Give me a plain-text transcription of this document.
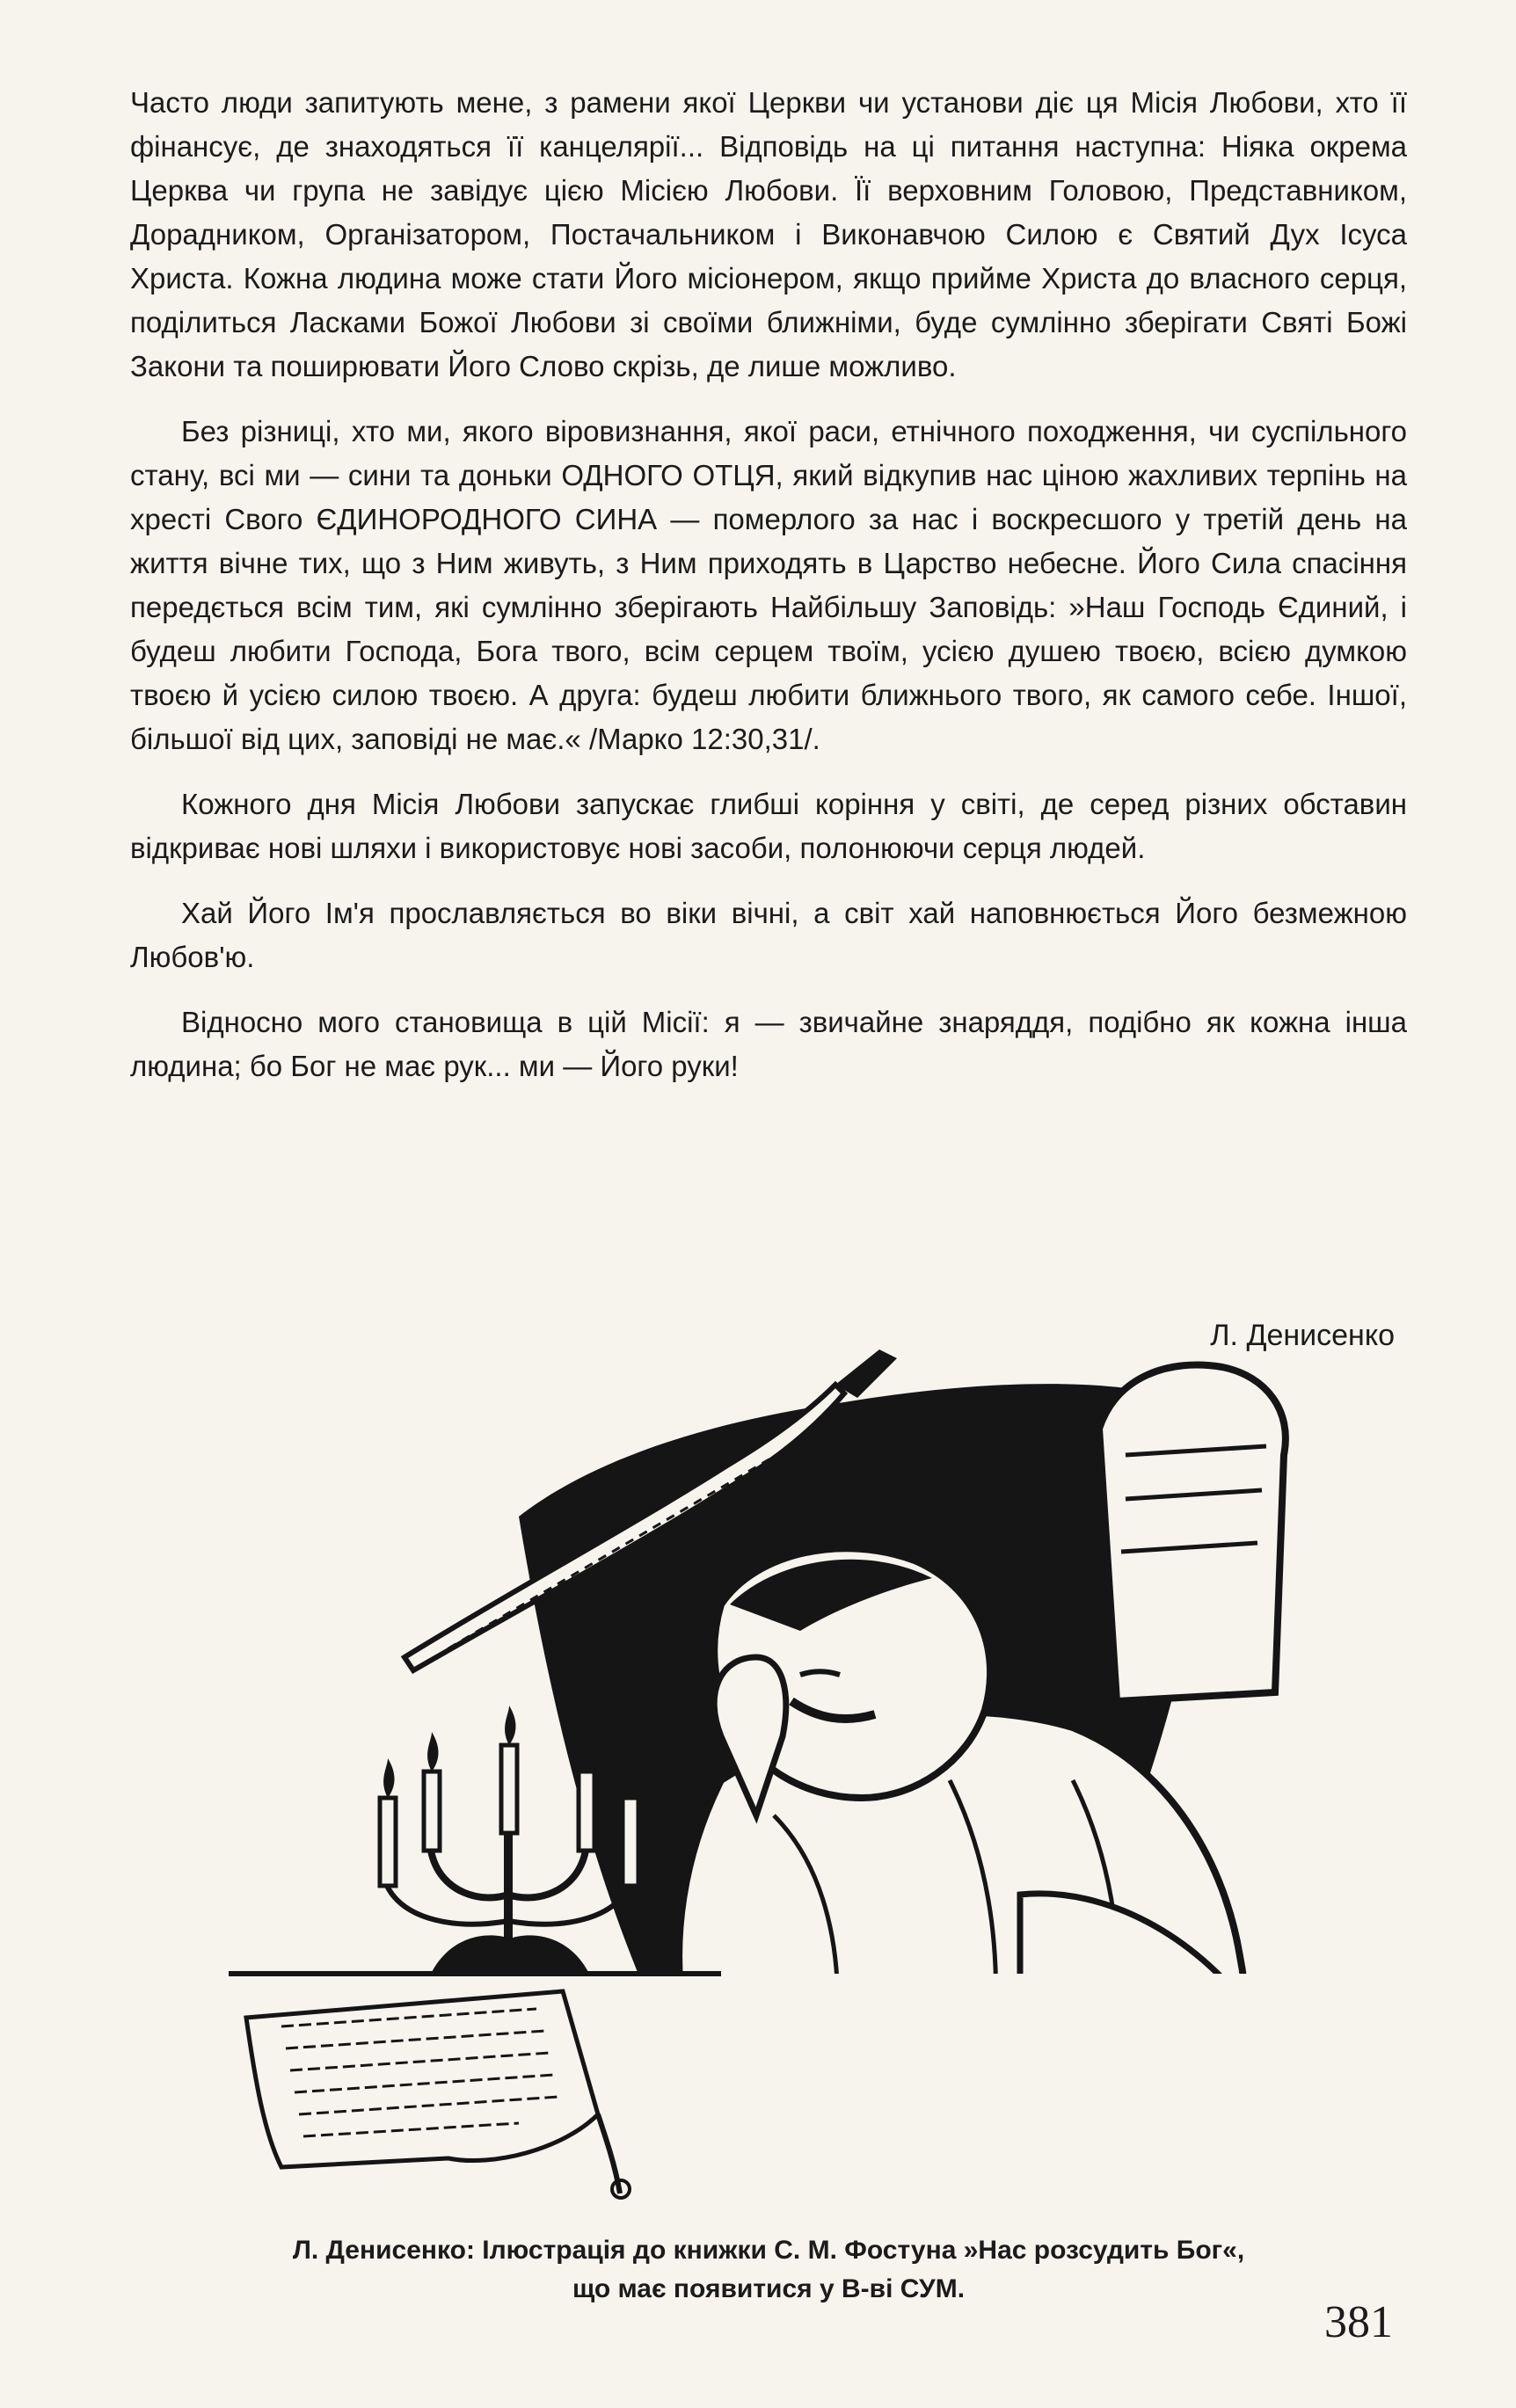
Часто люди запитують мене, з рамени якої Церкви чи установи діє ця Місія Любови, хто її фінансує, де знаходяться її канцелярії... Відповідь на ці питання наступна: Ніяка окрема Церква чи група не завідує цією Місією Любови. Її верховним Головою, Представником, Дорадником, Організатором, Постачальником і Виконавчою Силою є Святий Дух Ісуса Христа. Кожна людина може стати Його місіонером, якщо прийме Христа до власного серця, поділиться Ласками Божої Любови зі своїми ближніми, буде сумлінно зберігати Святі Божі Закони та поширювати Його Слово скрізь, де лише можливо.

Без різниці, хто ми, якого віровизнання, якої раси, етнічного походження, чи суспільного стану, всі ми — сини та доньки ОДНОГО ОТЦЯ, який відкупив нас ціною жахливих терпінь на хресті Свого ЄДИНОРОДНОГО СИНА — померлого за нас і воскресшого у третій день на життя вічне тих, що з Ним живуть, з Ним приходять в Царство небесне. Його Сила спасіння передється всім тим, які сумлінно зберігають Найбільшу Заповідь: »Наш Господь Єдиний, і будеш любити Господа, Бога твого, всім серцем твоїм, усією душею твоєю, всією думкою твоєю й усією силою твоєю. А друга: будеш любити ближнього твого, як самого себе. Іншої, більшої від цих, заповіді не має.« /Марко 12:30,31/.

Кожного дня Місія Любови запускає глибші коріння у світі, де серед різних обставин відкриває нові шляхи і використовує нові засоби, полонюючи серця людей.

Хай Його Ім'я прославляється во віки вічні, а світ хай наповнюється Його безмежною Любов'ю.

Відносно мого становища в цій Місії: я — звичайне знаряддя, подібно як кожна інша людина; бо Бог не має рук... ми — Його руки!

Л. Денисенко
Л. Денисенко: Ілюстрація до книжки С. М. Фостуна »Нас розсудить Бог«,
що має появитися у В-ві СУМ.
381
